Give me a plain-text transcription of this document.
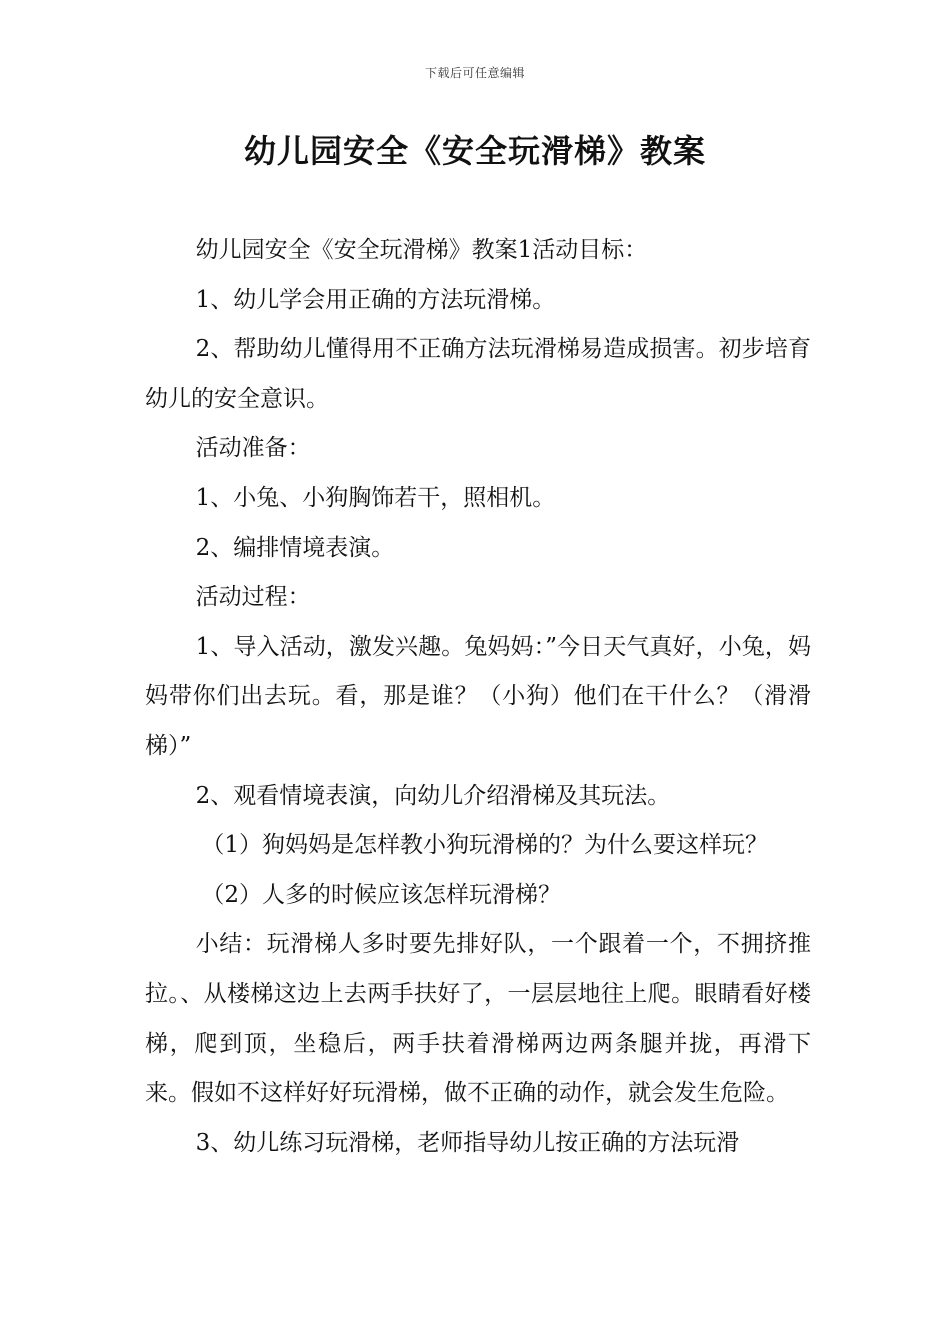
下载后可任意编辑
幼儿园安全《安全玩滑梯》教案

幼儿园安全《安全玩滑梯》教案1活动目标：

1、幼儿学会用正确的方法玩滑梯。

2、帮助幼儿懂得用不正确方法玩滑梯易造成损害。初步培育幼儿的安全意识。

活动准备：

1、小兔、小狗胸饰若干，照相机。

2、编排情境表演。

活动过程：

1、导入活动，激发兴趣。兔妈妈：”今日天气真好，小兔，妈妈带你们出去玩。看，那是谁？（小狗）他们在干什么？（滑滑梯）”

2、观看情境表演，向幼儿介绍滑梯及其玩法。

（1）狗妈妈是怎样教小狗玩滑梯的？为什么要这样玩？

（2）人多的时候应该怎样玩滑梯？

小结：玩滑梯人多时要先排好队，一个跟着一个，不拥挤推拉。、从楼梯这边上去两手扶好了，一层层地往上爬。眼睛看好楼梯，爬到顶，坐稳后，两手扶着滑梯两边两条腿并拢，再滑下来。假如不这样好好玩滑梯，做不正确的动作，就会发生危险。

3、幼儿练习玩滑梯，老师指导幼儿按正确的方法玩滑
